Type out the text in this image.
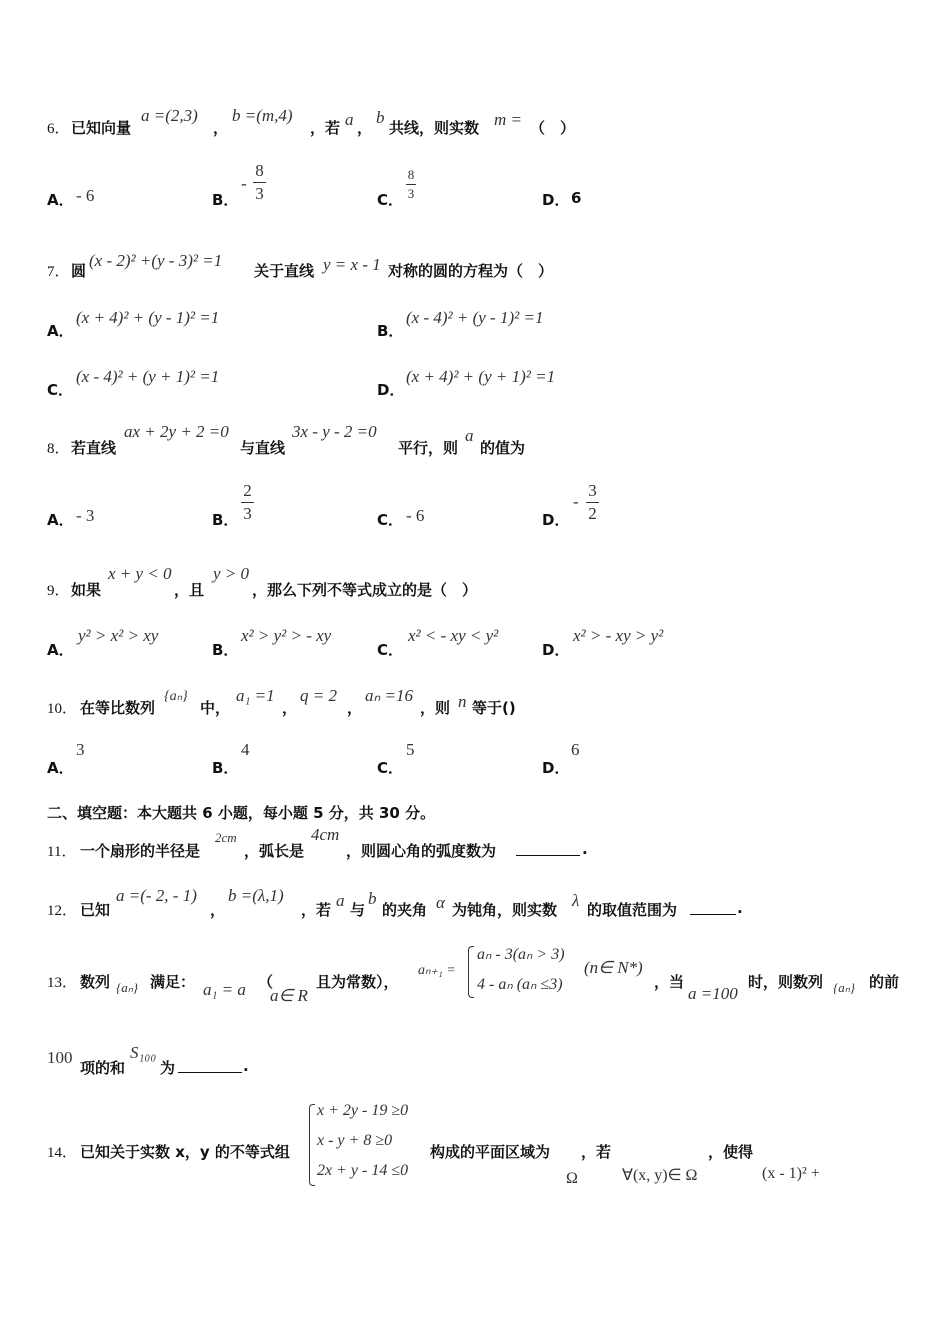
6． 已知向量
a =(2,3)
，
b =(m,4)
，若 a ，
b
共线，则实数 m = （　）
A． - 6	B．
-
8
3	C．
8
3	D． 6
7． 圆
(x - 2)² +(y - 3)² =1
关于直线 y = x - 1 对称的圆的方程为（　）
A．
(x + 4)² + (y - 1)² =1
B．
(x - 4)² + (y - 1)² =1
C．
(x - 4)² + (y + 1)² =1
D．
(x + 4)² + (y + 1)² =1
8． 若直线
ax + 2y + 2 =0
与直线
3x - y - 2 =0
平行，则
a
的值为
A． - 3	B．
2
3	C． - 6	D．
-
3
2
9． 如果
x + y < 0
，且
y > 0
，那么下列不等式成立的是（　）
A．
y² > x² > xy
B．
x² > y² > - xy
C．
x² < - xy < y²
D．
x² > - xy > y²
10． 在等比数列
{aₙ}
中，
a₁ =1
，
q = 2
，
aₙ =16
，则 n 等于()
A．
3
B．
4
C．
5
D．
6
二、填空题：本大题共 6 小题，每小题 5 分，共 30 分。
11． 一个扇形的半径是
2cm
，弧长是
4cm
，则圆心角的弧度数为	.
12． 已知
a =(- 2, - 1)
，
b =(λ,1)
，若 a 与
b
的夹角 α 为钝角，则实数 λ 的取值范围为	.
13． 数列 {aₙ} 满足： a₁ = a （
a∈ R
且为常数），
aₙ₊₁ =
aₙ - 3(aₙ > 3)
4 - aₙ (aₙ ≤3)
(n∈ N*)
，当
a =100
时，则数列 {aₙ} 的前
100
项的和
S₁₀₀
为	.
14． 已知关于实数 x，y 的不等式组
x + 2y - 19 ≥0
x - y + 8 ≥0
2x + y - 14 ≤0
构成的平面区域为 ，若	，使得
Ω	∀(x, y)∈ Ω	(x - 1)² +
